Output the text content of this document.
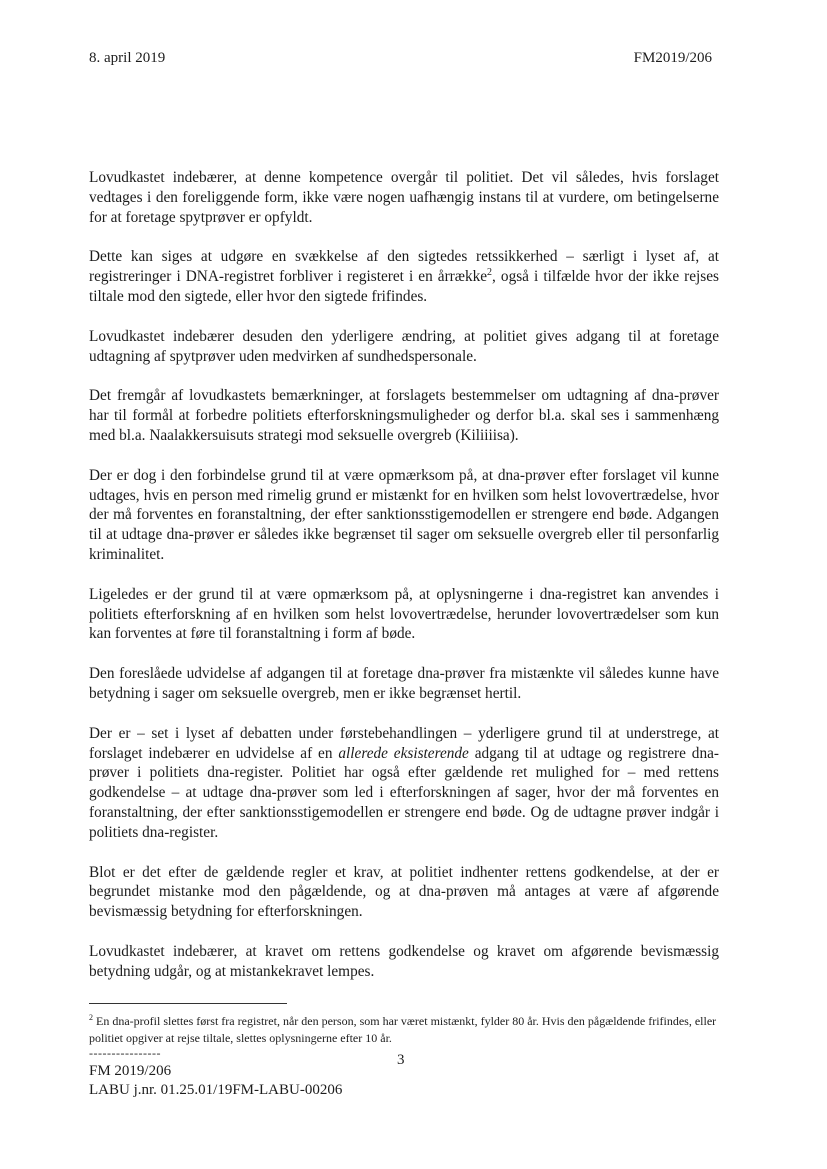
8. april 2019	FM2019/206

Lovudkastet indebærer, at denne kompetence overgår til politiet. Det vil således, hvis forslaget vedtages i den foreliggende form, ikke være nogen uafhængig instans til at vurdere, om betingelserne for at foretage spytprøver er opfyldt.

Dette kan siges at udgøre en svækkelse af den sigtedes retssikkerhed – særligt i lyset af, at registreringer i DNA-registret forbliver i registeret i en årrække$^2$, også i tilfælde hvor der ikke rejses tiltale mod den sigtede, eller hvor den sigtede frifindes.

Lovudkastet indebærer desuden den yderligere ændring, at politiet gives adgang til at foretage udtagning af spytprøver uden medvirken af sundhedspersonale.

Det fremgår af lovudkastets bemærkninger, at forslagets bestemmelser om udtagning af dna-prøver har til formål at forbedre politiets efterforskningsmuligheder og derfor bl.a. skal ses i sammenhæng med bl.a. Naalakkersuisuts strategi mod seksuelle overgreb (Kiliiiisa).

Der er dog i den forbindelse grund til at være opmærksom på, at dna-prøver efter forslaget vil kunne udtages, hvis en person med rimelig grund er mistænkt for en hvilken som helst lovovertrædelse, hvor der må forventes en foranstaltning, der efter sanktionsstigemodellen er strengere end bøde. Adgangen til at udtage dna-prøver er således ikke begrænset til sager om seksuelle overgreb eller til personfarlig kriminalitet.

Ligeledes er der grund til at være opmærksom på, at oplysningerne i dna-registret kan anvendes i politiets efterforskning af en hvilken som helst lovovertrædelse, herunder lovovertrædelser som kun kan forventes at føre til foranstaltning i form af bøde.

Den foreslåede udvidelse af adgangen til at foretage dna-prøver fra mistænkte vil således kunne have betydning i sager om seksuelle overgreb, men er ikke begrænset hertil.

Der er – set i lyset af debatten under førstebehandlingen – yderligere grund til at understrege, at forslaget indebærer en udvidelse af en allerede eksisterende adgang til at udtage og registrere dna-prøver i politiets dna-register. Politiet har også efter gældende ret mulighed for – med rettens godkendelse – at udtage dna-prøver som led i efterforskningen af sager, hvor der må forventes en foranstaltning, der efter sanktionsstigemodellen er strengere end bøde. Og de udtagne prøver indgår i politiets dna-register.

Blot er det efter de gældende regler et krav, at politiet indhenter rettens godkendelse, at der er begrundet mistanke mod den pågældende, og at dna-prøven må antages at være af afgørende bevismæssig betydning for efterforskningen.

Lovudkastet indebærer, at kravet om rettens godkendelse og kravet om afgørende bevismæssig betydning udgår, og at mistankekravet lempes.

$^2$ En dna-profil slettes først fra registret, når den person, som har været mistænkt, fylder 80 år. Hvis den pågældende frifindes, eller politiet opgiver at rejse tiltale, slettes oplysningerne efter 10 år.
----------------	3
FM 2019/206
LABU j.nr. 01.25.01/19FM-LABU-00206
